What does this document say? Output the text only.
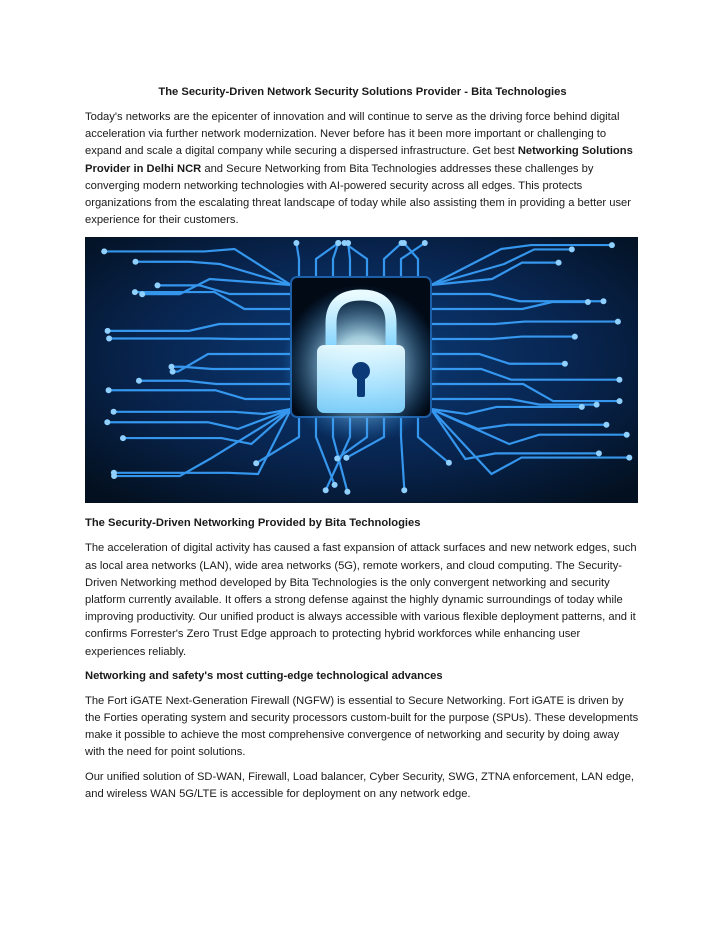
The Security-Driven Network Security Solutions Provider - Bita Technologies

Today's networks are the epicenter of innovation and will continue to serve as the driving force behind digital acceleration via further network modernization. Never before has it been more important or challenging to expand and scale a digital company while securing a dispersed infrastructure. Get best Networking Solutions Provider in Delhi NCR and Secure Networking from Bita Technologies addresses these challenges by converging modern networking technologies with AI-powered security across all edges. This protects organizations from the escalating threat landscape of today while also assisting them in providing a better user experience for their customers.

The Security-Driven Networking Provided by Bita Technologies

The acceleration of digital activity has caused a fast expansion of attack surfaces and new network edges, such as local area networks (LAN), wide area networks (5G), remote workers, and cloud computing. The Security-Driven Networking method developed by Bita Technologies is the only convergent networking and security platform currently available. It offers a strong defense against the highly dynamic surroundings of today while improving productivity. Our unified product is always accessible with various flexible deployment patterns, and it confirms Forrester's Zero Trust Edge approach to protecting hybrid workforces while enhancing user experiences reliably.

Networking and safety's most cutting-edge technological advances

The Fort iGATE Next-Generation Firewall (NGFW) is essential to Secure Networking. Fort iGATE is driven by the Forties operating system and security processors custom-built for the purpose (SPUs). These developments make it possible to achieve the most comprehensive convergence of networking and security by doing away with the need for point solutions.

Our unified solution of SD-WAN, Firewall, Load balancer, Cyber Security, SWG, ZTNA enforcement, LAN edge, and wireless WAN 5G/LTE is accessible for deployment on any network edge.
